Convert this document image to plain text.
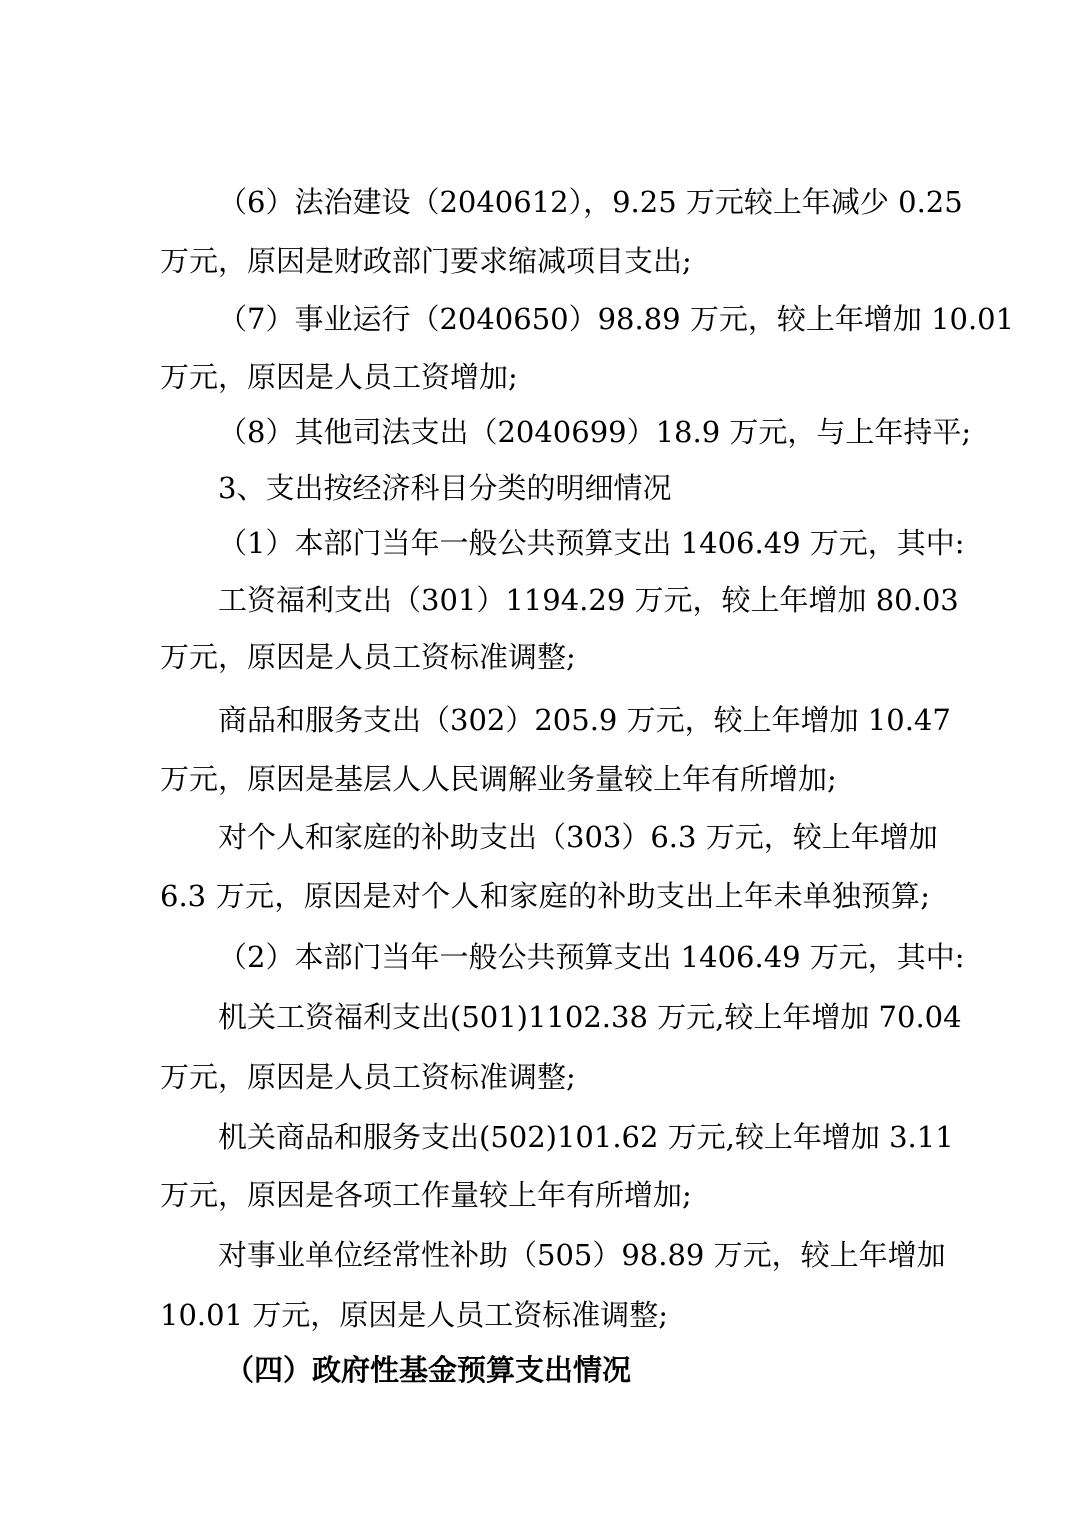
（6）法治建设（2040612），9.25 万元较上年减少 0.25
万元，原因是财政部门要求缩减项目支出;
（7）事业运行（2040650）98.89 万元，较上年增加 10.01
万元，原因是人员工资增加;
（8）其他司法支出（2040699）18.9 万元，与上年持平;
3、支出按经济科目分类的明细情况
（1）本部门当年一般公共预算支出 1406.49 万元，其中:
工资福利支出（301）1194.29 万元，较上年增加 80.03
万元，原因是人员工资标准调整;
商品和服务支出（302）205.9 万元，较上年增加 10.47
万元，原因是基层人人民调解业务量较上年有所增加;
对个人和家庭的补助支出（303）6.3 万元，较上年增加
6.3 万元，原因是对个人和家庭的补助支出上年未单独预算;
（2）本部门当年一般公共预算支出 1406.49 万元，其中:
机关工资福利支出(501)1102.38 万元,较上年增加 70.04
万元，原因是人员工资标准调整;
机关商品和服务支出(502)101.62 万元,较上年增加 3.11
万元，原因是各项工作量较上年有所增加;
对事业单位经常性补助（505）98.89 万元，较上年增加
10.01 万元，原因是人员工资标准调整;
（四）政府性基金预算支出情况
